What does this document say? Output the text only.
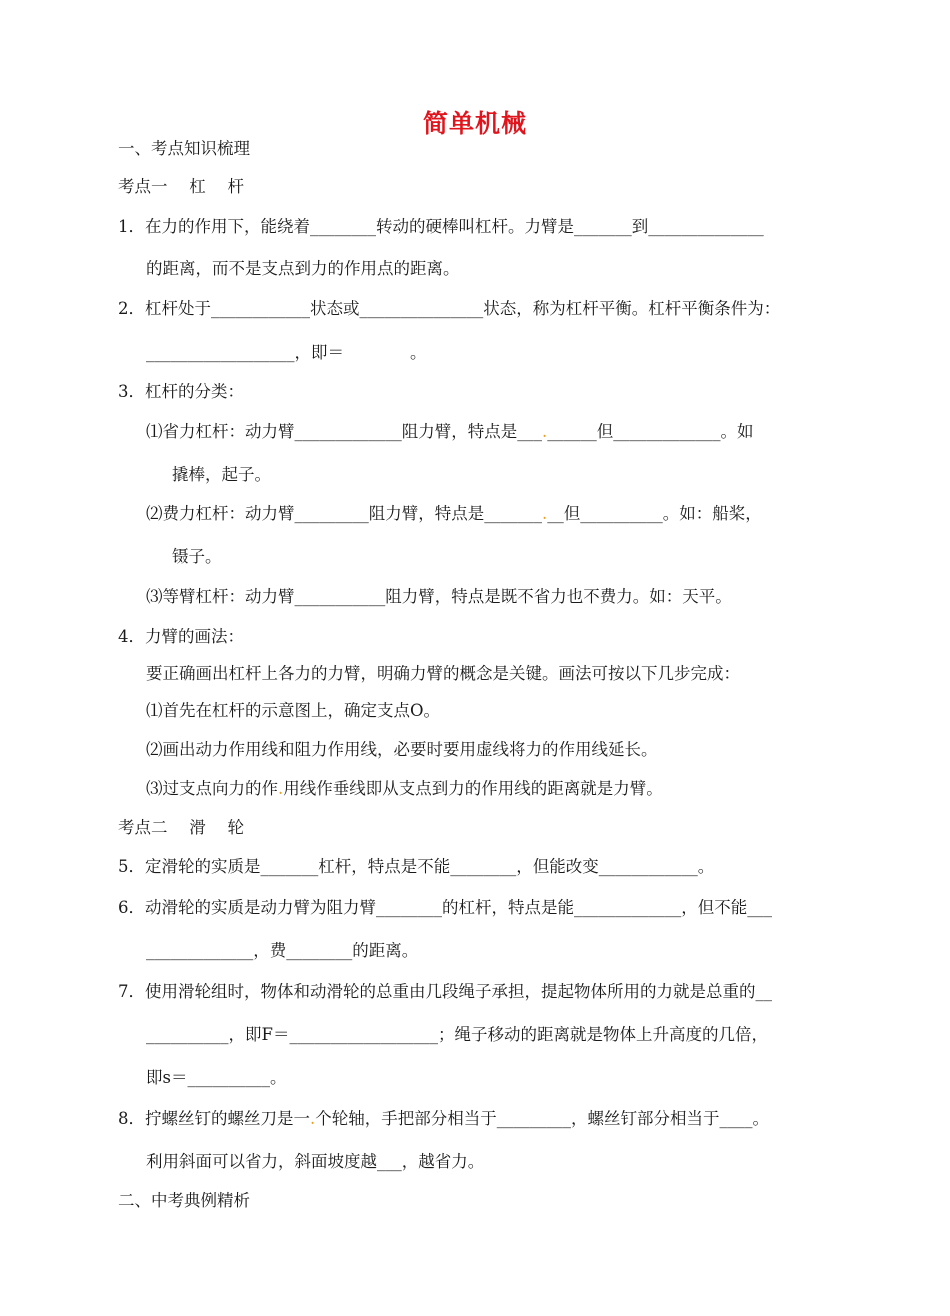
简单机械
一、考点知识梳理
考点一　 杠　 杆
1．在力的作用下，能绕着________转动的硬棒叫杠杆。力臂是_______到______________
的距离，而不是支点到力的作用点的距离。
2．杠杆处于____________状态或_______________状态，称为杠杆平衡。杠杆平衡条件为：
__________________，即＝　　　　。
3．杠杆的分类：
⑴省力杠杆：动力臂_____________阻力臂，特点是___.______但_____________。如
撬棒，起子。
⑵费力杠杆：动力臂_________阻力臂，特点是_______.__但__________。如：船桨，
镊子。
⑶等臂杠杆：动力臂___________阻力臂，特点是既不省力也不费力。如：天平。
4．力臂的画法：
要正确画出杠杆上各力的力臂，明确力臂的概念是关键。画法可按以下几步完成：
⑴首先在杠杆的示意图上，确定支点O。
⑵画出动力作用线和阻力作用线，必要时要用虚线将力的作用线延长。
⑶过支点向力的作.用线作垂线即从支点到力的作用线的距离就是力臂。
考点二　 滑　 轮
5．定滑轮的实质是_______杠杆，特点是不能________，但能改变____________。
6．动滑轮的实质是动力臂为阻力臂________的杠杆，特点是能_____________，但不能___
_____________，费________的距离。
7．使用滑轮组时，物体和动滑轮的总重由几段绳子承担，提起物体所用的力就是总重的__
__________，即F＝__________________；绳子移动的距离就是物体上升高度的几倍，
即s＝__________。
8．拧螺丝钉的螺丝刀是一.个轮轴，手把部分相当于_________，螺丝钉部分相当于____。
利用斜面可以省力，斜面坡度越___，越省力。
二、中考典例精析
